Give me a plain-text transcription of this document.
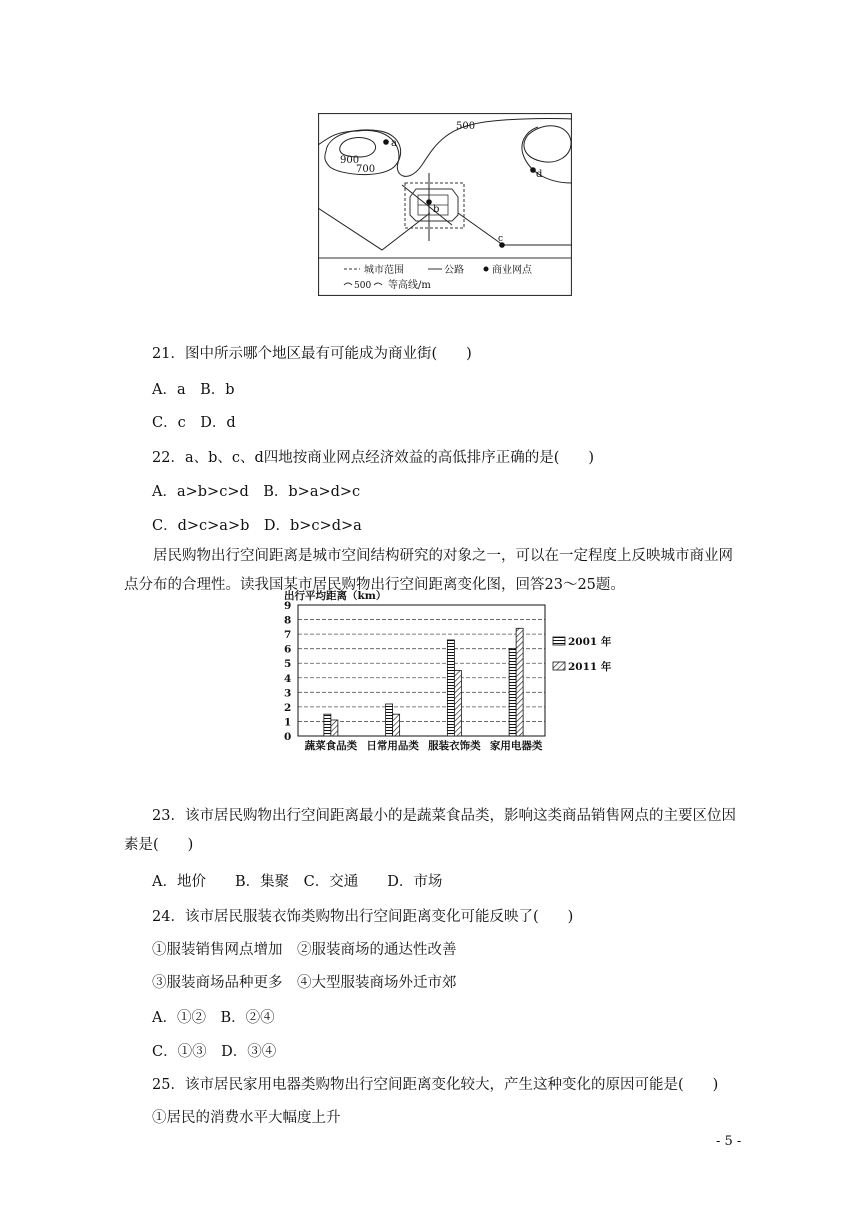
900
700
500
a
b
c
d
城市范围	公路	商业网点
500 等高线/m
21．图中所示哪个地区最有可能成为商业街(　　)
A．a　B．b
C．c　D．d
22．a、b、c、d四地按商业网点经济效益的高低排序正确的是(　　)
A．a>b>c>d　B．b>a>d>c
C．d>c>a>b　D．b>c>d>a
居民购物出行空间距离是城市空间结构研究的对象之一，可以在一定程度上反映城市商业网点分布的合理性。读我国某市居民购物出行空间距离变化图，回答23～25题。
出行平均距离（km）
0
1
2
3
4
5
6
7
8
9
蔬菜食品类 日常用品类 服装衣饰类 家用电器类
2001 年
2011 年
23．该市居民购物出行空间距离最小的是蔬菜食品类，影响这类商品销售网点的主要区位因素是(　　)
A．地价　　B．集聚　C．交通　　D．市场
24．该市居民服装衣饰类购物出行空间距离变化可能反映了(　　)
①服装销售网点增加　②服装商场的通达性改善
③服装商场品种更多　④大型服装商场外迁市郊
A．①②　B．②④
C．①③　D．③④
25．该市居民家用电器类购物出行空间距离变化较大，产生这种变化的原因可能是(　　)
①居民的消费水平大幅度上升
- 5 -
